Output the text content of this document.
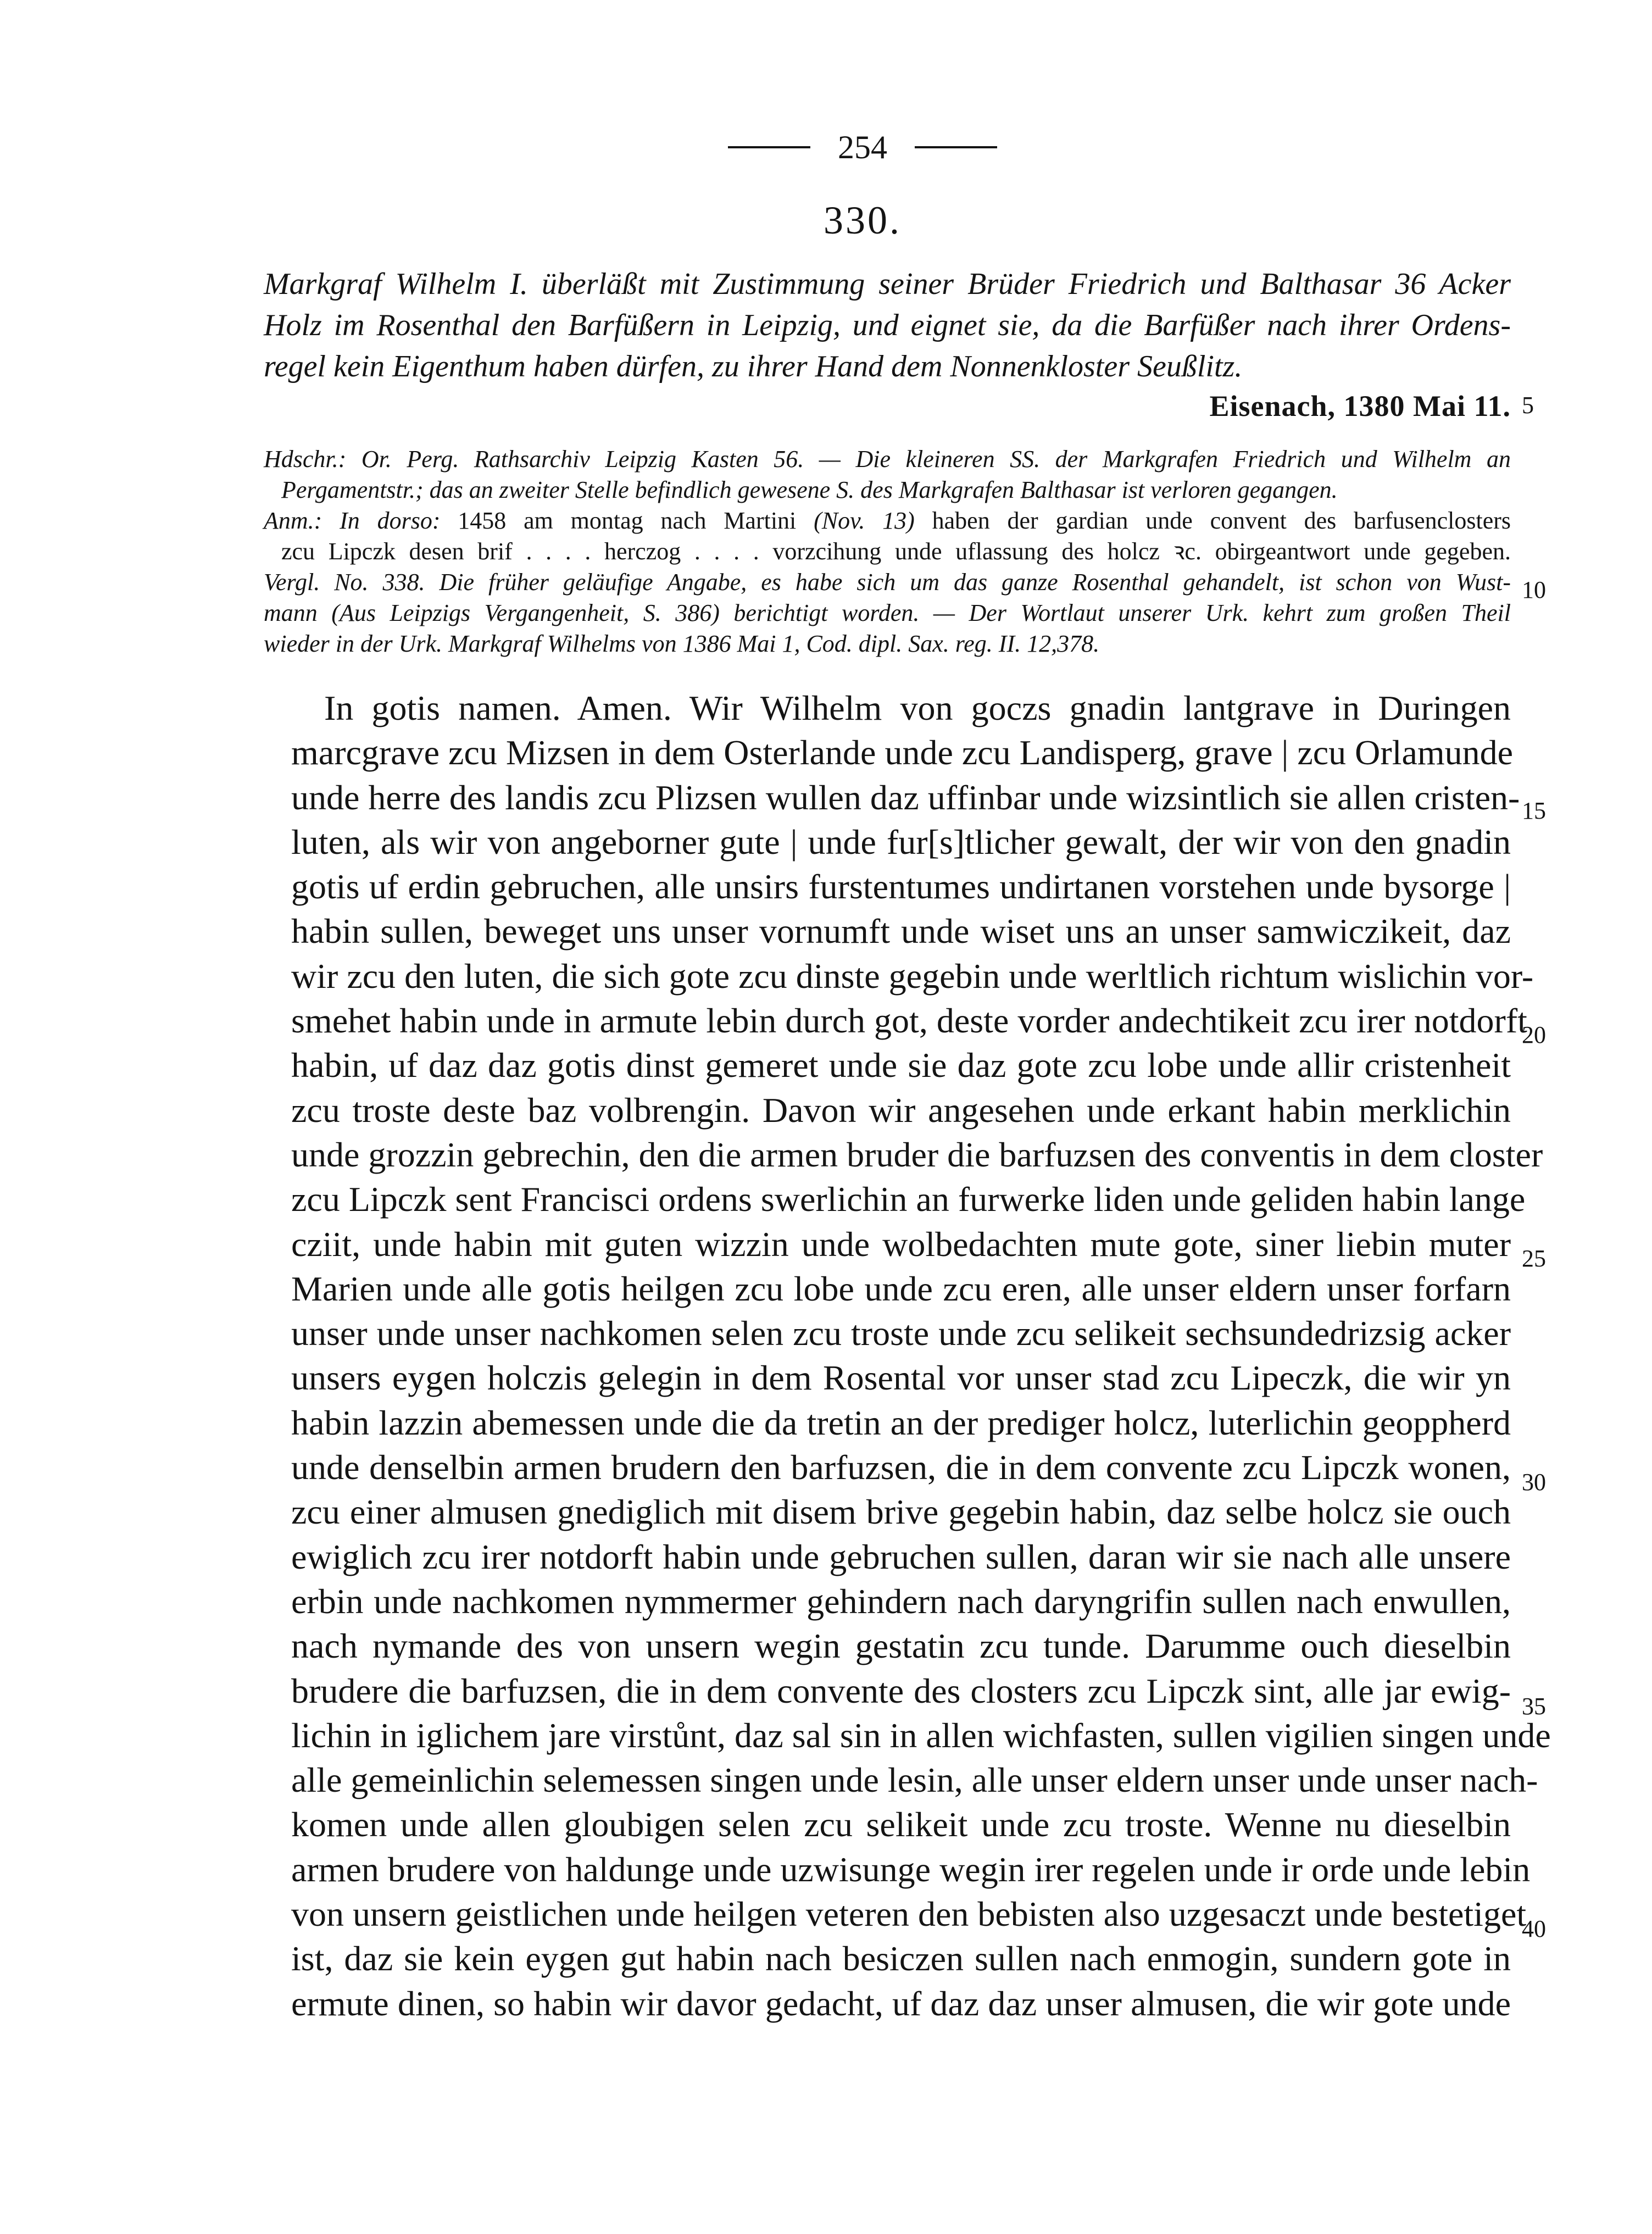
254
330.
Markgraf Wilhelm I. überläßt mit Zustimmung seiner Brüder Friedrich und Balthasar 36 Acker
Holz im Rosenthal den Barfüßern in Leipzig, und eignet sie, da die Barfüßer nach ihrer Ordens-
regel kein Eigenthum haben dürfen, zu ihrer Hand dem Nonnenkloster Seußlitz.
Eisenach, 1380 Mai 11.
Hdschr.: Or. Perg. Rathsarchiv Leipzig Kasten 56. — Die kleineren SS. der Markgrafen Friedrich und Wilhelm an
Pergamentstr.; das an zweiter Stelle befindlich gewesene S. des Markgrafen Balthasar ist verloren gegangen.
Anm.: In dorso: 1458 am montag nach Martini (Nov. 13) haben der gardian unde convent des barfusenclosters
zcu Lipczk desen brif . . . . herczog . . . . vorzcihung unde uflassung des holcz ꝛc. obirgeantwort unde gegeben.
Vergl. No. 338. Die früher geläufige Angabe, es habe sich um das ganze Rosenthal gehandelt, ist schon von Wust-
mann (Aus Leipzigs Vergangenheit, S. 386) berichtigt worden. — Der Wortlaut unserer Urk. kehrt zum großen Theil
wieder in der Urk. Markgraf Wilhelms von 1386 Mai 1, Cod. dipl. Sax. reg. II. 12,378.
In gotis namen. Amen. Wir Wilhelm von goczs gnadin lantgrave in Duringen
marcgrave zcu Mizsen in dem Osterlande unde zcu Landisperg, grave | zcu Orlamunde
unde herre des landis zcu Plizsen wullen daz uffinbar unde wizsintlich sie allen cristen-
luten, als wir von angeborner gute | unde fur[s]tlicher gewalt, der wir von den gnadin
gotis uf erdin gebruchen, alle unsirs furstentumes undirtanen vorstehen unde bysorge |
habin sullen, beweget uns unser vornumft unde wiset uns an unser samwiczikeit, daz
wir zcu den luten, die sich gote zcu dinste gegebin unde werltlich richtum wislichin vor-
smehet habin unde in armute lebin durch got, deste vorder andechtikeit zcu irer notdorft
habin, uf daz daz gotis dinst gemeret unde sie daz gote zcu lobe unde allir cristenheit
zcu troste deste baz volbrengin. Davon wir angesehen unde erkant habin merklichin
unde grozzin gebrechin, den die armen bruder die barfuzsen des conventis in dem closter
zcu Lipczk sent Francisci ordens swerlichin an furwerke liden unde geliden habin lange
cziit, unde habin mit guten wizzin unde wolbedachten mute gote, siner liebin muter
Marien unde alle gotis heilgen zcu lobe unde zcu eren, alle unser eldern unser forfarn
unser unde unser nachkomen selen zcu troste unde zcu selikeit sechsundedrizsig acker
unsers eygen holczis gelegin in dem Rosental vor unser stad zcu Lipeczk, die wir yn
habin lazzin abemessen unde die da tretin an der prediger holcz, luterlichin geoppherd
unde denselbin armen brudern den barfuzsen, die in dem convente zcu Lipczk wonen,
zcu einer almusen gnediglich mit disem brive gegebin habin, daz selbe holcz sie ouch
ewiglich zcu irer notdorft habin unde gebruchen sullen, daran wir sie nach alle unsere
erbin unde nachkomen nymmermer gehindern nach daryngrifin sullen nach enwullen,
nach nymande des von unsern wegin gestatin zcu tunde. Darumme ouch dieselbin
brudere die barfuzsen, die in dem convente des closters zcu Lipczk sint, alle jar ewig-
lichin in iglichem jare virstůnt, daz sal sin in allen wichfasten, sullen vigilien singen unde
alle gemeinlichin selemessen singen unde lesin, alle unser eldern unser unde unser nach-
komen unde allen gloubigen selen zcu selikeit unde zcu troste. Wenne nu dieselbin
armen brudere von haldunge unde uzwisunge wegin irer regelen unde ir orde unde lebin
von unsern geistlichen unde heilgen veteren den bebisten also uzgesaczt unde bestetiget
ist, daz sie kein eygen gut habin nach besiczen sullen nach enmogin, sundern gote in
ermute dinen, so habin wir davor gedacht, uf daz daz unser almusen, die wir gote unde
5
10
15
20
25
30
35
40
